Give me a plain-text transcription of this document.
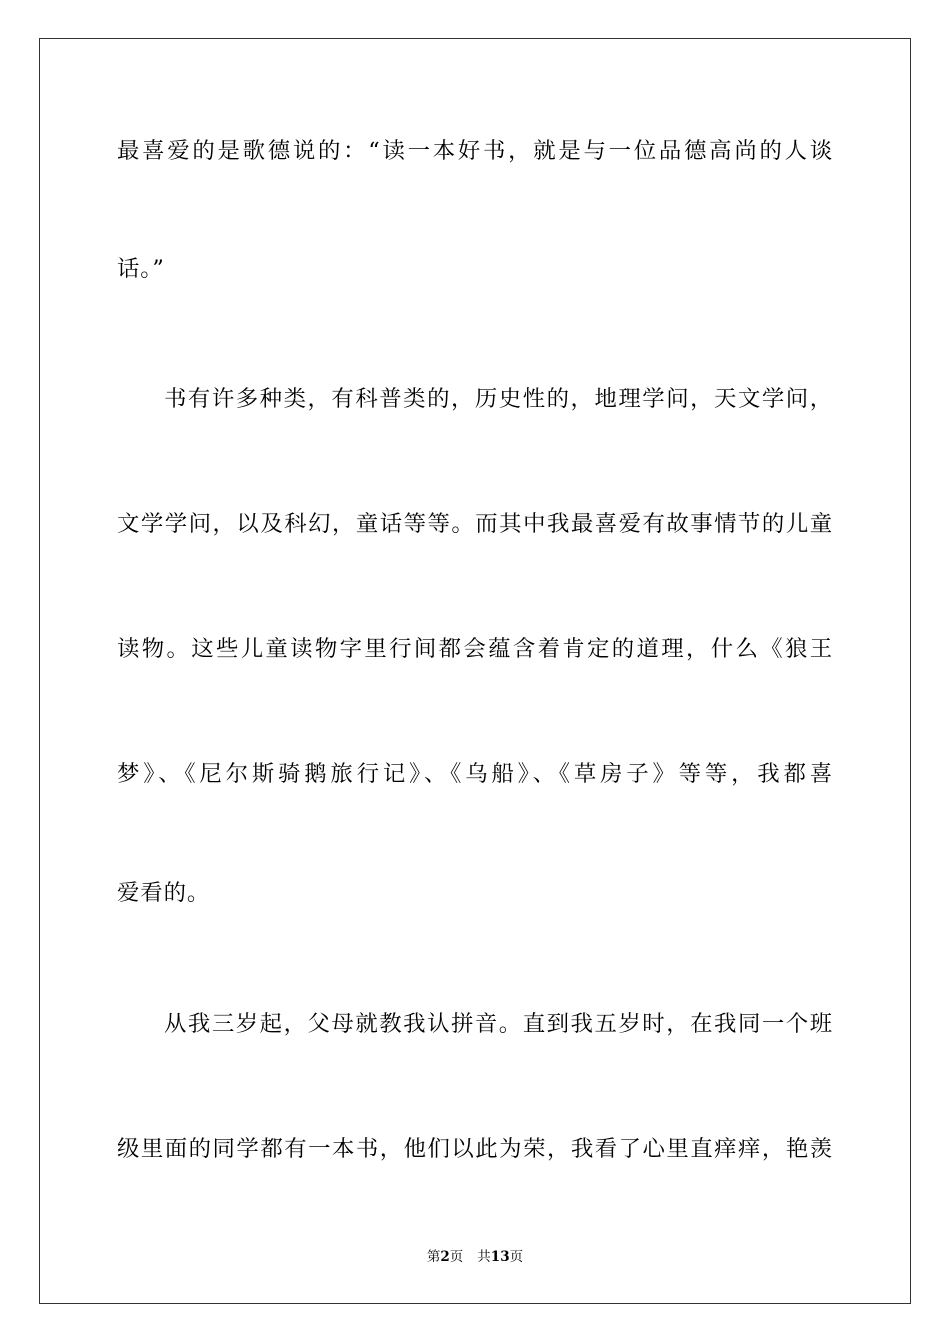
最喜爱的是歌德说的：“读一本好书，就是与一位品德高尚的人谈
话。”
书有许多种类，有科普类的，历史性的，地理学问，天文学问，
文学学问，以及科幻，童话等等。而其中我最喜爱有故事情节的儿童
读物。这些儿童读物字里行间都会蕴含着肯定的道理，什么《狼王
梦》、《尼尔斯骑鹅旅行记》、《乌船》、《草房子》等等，我都喜
爱看的。
从我三岁起，父母就教我认拼音。直到我五岁时，在我同一个班
级里面的同学都有一本书，他们以此为荣，我看了心里直痒痒，艳羡
第2页 共13页
